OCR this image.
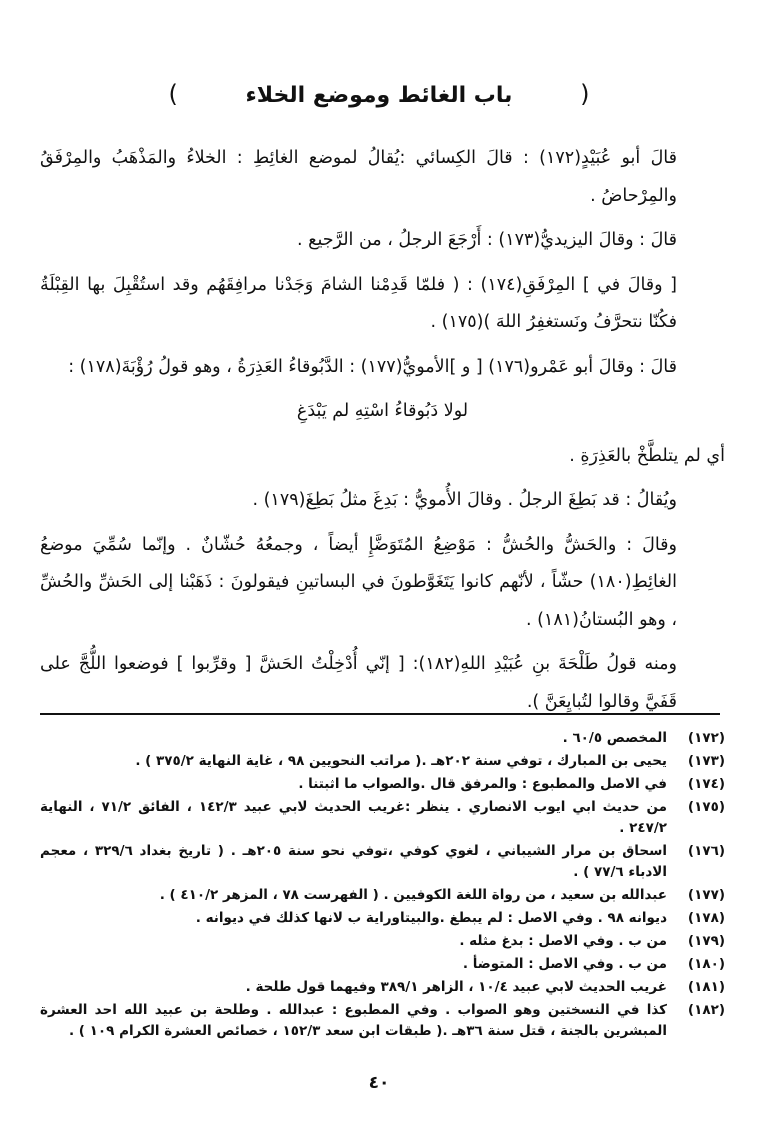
( باب الغائط وموضع الخلاء )

قالَ أبو عُبَيْدٍ(١٧٢) : قالَ الكِسائي :يُقالُ لموضع الغائِطِ : الخلاءُ والمَذْهَبُ والمِرْفَقُ والمِرْحاضُ .

قالَ : وقالَ اليزيديُّ(١٧٣) : أَرْجَعَ الرجلُ ، من الرَّجيع .

[ وقالَ في ] المِرْفَقِ(١٧٤) : ( فلمّا قَدِمْنا الشامَ وَجَدْنا مرافِقَهُم وقد استُقْبِلَ بها القِبْلَةُ فكُنّا نتحرَّفُ ونَستغفِرُ اللهَ )(١٧٥) .

قالَ : وقالَ أبو عَمْرو(١٧٦) [ و ]الأمويُّ(١٧٧) : الدَّبُوقاءُ العَذِرَةُ ، وهو قولُ رُؤْبَةَ(١٧٨) :

لولا دَبُوقاءُ اسْتِهِ لم يَبْدَغِ

أي لم يتلطَّخْ بالعَذِرَةِ .

ويُقالُ : قد بَطِغَ الرجلُ . وقالَ الأُمويُّ : بَدِغَ مثلُ بَطِغَ(١٧٩) .

وقالَ : والحَشُّ والحُشُّ : مَوْضِعُ المُتَوَضَّإِ أيضاً ، وجمعُهُ حُشّانٌ . وإنّما سُمِّيَ موضعُ الغائِطِ(١٨٠) حشّاً ، لأنّهم كانوا يَتَغَوَّطونَ في البساتينِ فيقولونَ : ذَهَبْنا إلى الحَشِّ والحُشِّ ، وهو البُستانُ(١٨١) .

ومنه قولُ طَلْحَةَ بنِ عُبَيْدِ اللهِ(١٨٢): [ إنّي أُدْخِلْتُ الحَشَّ [ وقرِّبوا ] فوضعوا اللُّجَّ على قَفَيَّ وقالوا لتُبايِعَنَّ ).

(١٧٢)
المخصص ٦٠/٥ .
(١٧٣)
يحيى بن المبارك ، توفي سنة ٢٠٢هـ .( مراتب النحويين ٩٨ ، غاية النهاية ٣٧٥/٢ ) .
(١٧٤)
في الاصل والمطبوع : والمرفق قال .والصواب ما اثبتنا .
(١٧٥)
من حديث ابي ايوب الانصاري . ينظر :غريب الحديث لابي عبيد ١٤٢/٣ ، الفائق ٧١/٢ ، النهاية ٢٤٧/٢ .
(١٧٦)
اسحاق بن مرار الشيباني ، لغوي كوفي ،توفي نحو سنة ٢٠٥هـ . ( تاريخ بغداد ٣٢٩/٦ ، معجم الادباء ٧٧/٦ ) .
(١٧٧)
عبدالله بن سعيد ، من رواة اللغة الكوفيين . ( الفهرست ٧٨ ، المزهر ٤١٠/٢ ) .
(١٧٨)
ديوانه ٩٨ . وفي الاصل : لم يبطغ .والبيتاوراية ب لانها كذلك في ديوانه .
(١٧٩)
من ب . وفي الاصل : بدغ مثله .
(١٨٠)
من ب . وفي الاصل : المتوضأ .
(١٨١)
غريب الحديث لابي عبيد ١٠/٤ ، الزاهر ٣٨٩/١ وفيهما قول طلحة .
(١٨٢)
كذا في النسختين وهو الصواب . وفي المطبوع : عبدالله . وطلحة بن عبيد الله احد العشرة المبشرين بالجنة ، قتل سنة ٣٦هـ .( طبقات ابن سعد ١٥٢/٣ ، خصائص العشرة الكرام ١٠٩ ) .
٤٠
